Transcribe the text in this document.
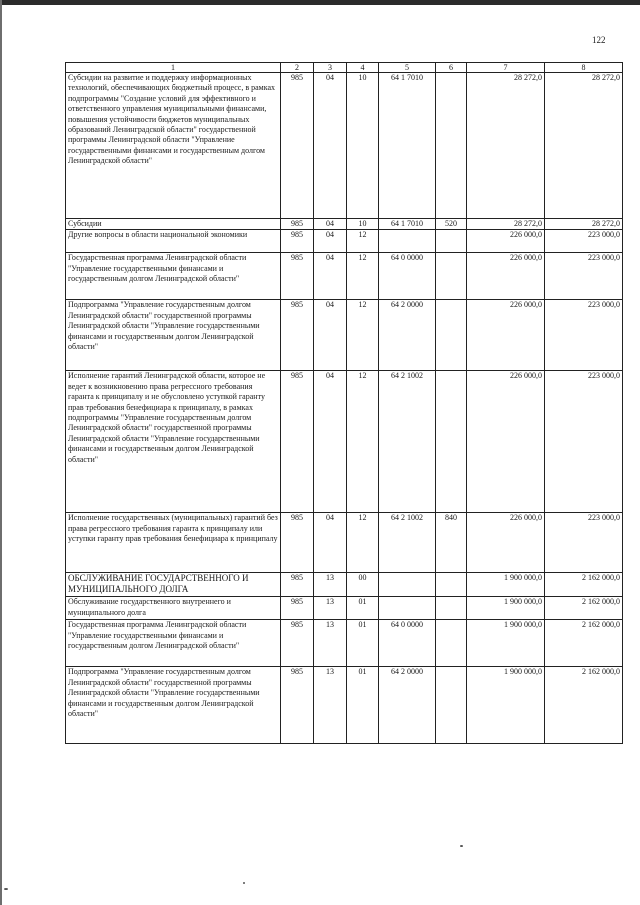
122
1	2	3	4	5	6	7	8
Субсидии на развитие и поддержку информационных технологий, обеспечивающих бюджетный процесс, в рамках подпрограммы "Создание условий для эффективного и ответственного управления муниципальными финансами, повышения устойчивости бюджетов муниципальных образований Ленинградской области" государственной программы Ленинградской области "Управление государственными финансами и государственным долгом Ленинградской области"	985	04	10	64 1 7010		28 272,0	28 272,0
Субсидии	985	04	10	64 1 7010	520	28 272,0	28 272,0
Другие вопросы в области национальной экономики	985	04	12			226 000,0	223 000,0
Государственная программа Ленинградской области "Управление государственными финансами и государственным долгом Ленинградской области"	985	04	12	64 0 0000		226 000,0	223 000,0
Подпрограмма "Управление государственным долгом Ленинградской области" государственной программы Ленинградской области "Управление государственными финансами и государственным долгом Ленинградской области"	985	04	12	64 2 0000		226 000,0	223 000,0
Исполнение гарантий Ленинградской области, которое не ведет к возникновению права регрессного требования гаранта к принципалу и не обусловлено уступкой гаранту прав требования бенефициара к принципалу, в рамках подпрограммы "Управление государственным долгом Ленинградской области" государственной программы Ленинградской области "Управление государственными финансами и государственным долгом Ленинградской области"	985	04	12	64 2 1002		226 000,0	223 000,0
Исполнение государственных (муниципальных) гарантий без права регрессного требования гаранта к принципалу или уступки гаранту прав требования бенефициара к принципалу	985	04	12	64 2 1002	840	226 000,0	223 000,0
ОБСЛУЖИВАНИЕ ГОСУДАРСТВЕННОГО И МУНИЦИПАЛЬНОГО ДОЛГА	985	13	00			1 900 000,0	2 162 000,0
Обслуживание государственного внутреннего и муниципального долга	985	13	01			1 900 000,0	2 162 000,0
Государственная программа Ленинградской области "Управление государственными финансами и государственным долгом Ленинградской области"	985	13	01	64 0 0000		1 900 000,0	2 162 000,0
Подпрограмма "Управление государственным долгом Ленинградской области" государственной программы Ленинградской области "Управление государственными финансами и государственным долгом Ленинградской области"	985	13	01	64 2 0000		1 900 000,0	2 162 000,0
